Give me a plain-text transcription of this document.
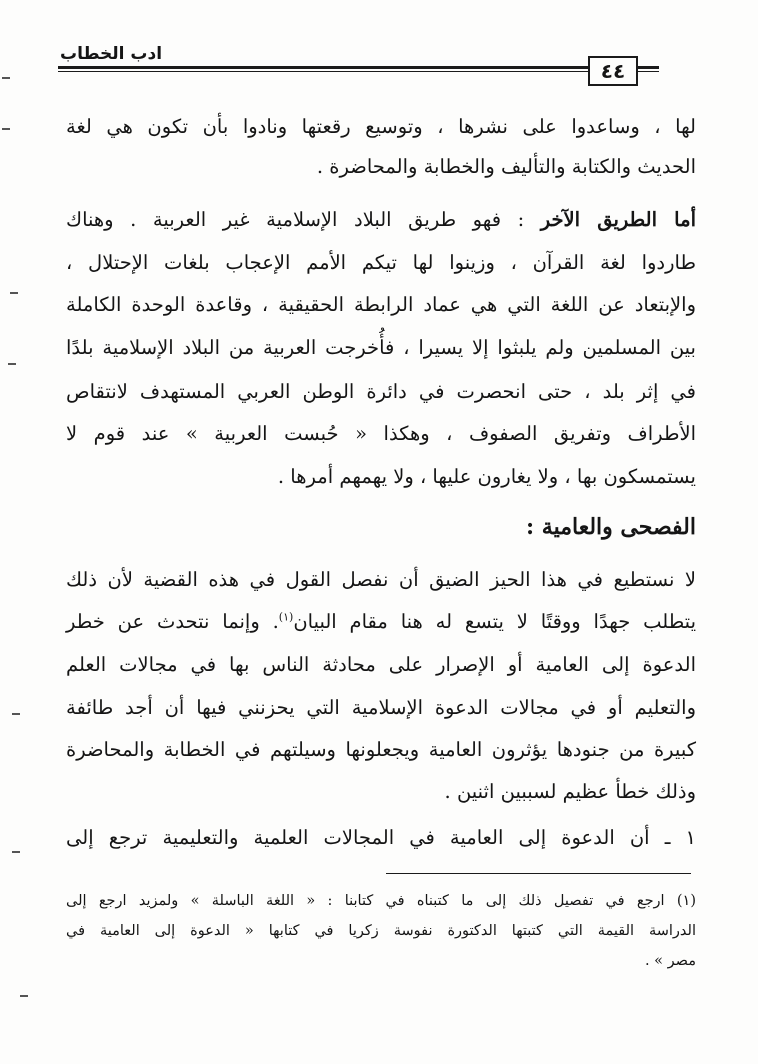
ادب الخطاب
٤٤
لها ، وساعدوا على نشرها ، وتوسيع رقعتها ونادوا بأن تكون هي لغة
الحديث والكتابة والتأليف والخطابة والمحاضرة .
أما الطريق الآخر : فهو طريق البلاد الإسلامية غير العربية . وهناك
طاردوا لغة القرآن ، وزينوا لها تيكم الأمم الإعجاب بلغات الإحتلال ،
والإبتعاد عن اللغة التي هي عماد الرابطة الحقيقية ، وقاعدة الوحدة الكاملة
بين المسلمين ولم يلبثوا إلا يسيرا ، فأُخرجت العربية من البلاد الإسلامية بلدًا
في إثر بلد ، حتى انحصرت في دائرة الوطن العربي المستهدف لانتقاص
الأطراف وتفريق الصفوف ، وهكذا « حُبست العربية » عند قوم لا
يستمسكون بها ، ولا يغارون عليها ، ولا يهمهم أمرها .
الفصحى والعامية :
لا نستطيع في هذا الحيز الضيق أن نفصل القول في هذه القضية لأن ذلك
يتطلب جهدًا ووقتًا لا يتسع له هنا مقام البيان$^{(١)}$. وإنما نتحدث عن خطر
الدعوة إلى العامية أو الإصرار على محادثة الناس بها في مجالات العلم
والتعليم أو في مجالات الدعوة الإسلامية التي يحزنني فيها أن أجد طائفة
كبيرة من جنودها يؤثرون العامية ويجعلونها وسيلتهم في الخطابة والمحاضرة
وذلك خطأ عظيم لسببين اثنين .
١ ـ أن الدعوة إلى العامية في المجالات العلمية والتعليمية ترجع إلى
(١) ارجع في تفصيل ذلك إلى ما كتبناه في كتابنا : « اللغة الباسلة » ولمزيد ارجع إلى
الدراسة القيمة التي كتبتها الدكتورة نفوسة زكريا في كتابها « الدعوة إلى العامية في
مصر » .
